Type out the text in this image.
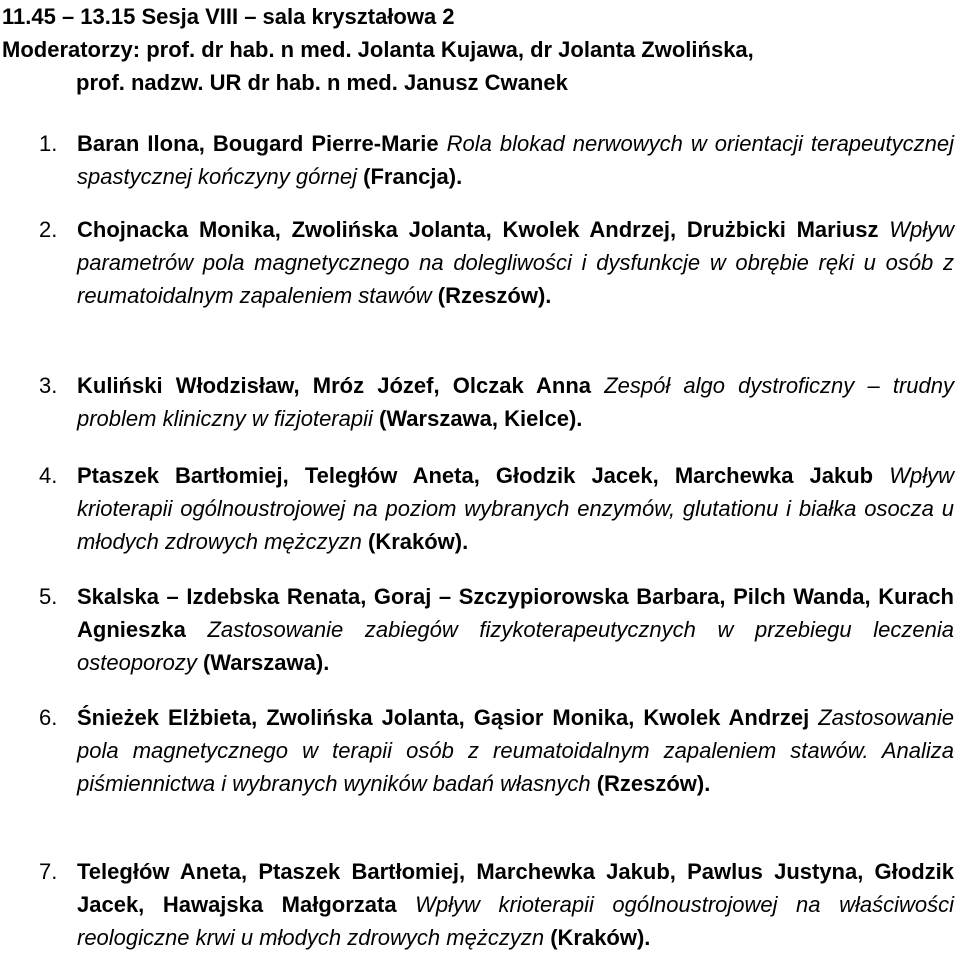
11.45 – 13.15 Sesja VIII – sala kryształowa 2
Moderatorzy: prof. dr hab. n med. Jolanta Kujawa, dr Jolanta Zwolińska,
prof. nadzw. UR dr hab. n med. Janusz Cwanek
1. Baran Ilona, Bougard Pierre-Marie Rola blokad nerwowych w orientacji terapeutycznej spastycznej kończyny górnej (Francja).
2. Chojnacka Monika, Zwolińska Jolanta, Kwolek Andrzej, Drużbicki Mariusz Wpływ parametrów pola magnetycznego na dolegliwości i dysfunkcje w obrębie ręki u osób z reumatoidalnym zapaleniem stawów (Rzeszów).
3. Kuliński Włodzisław, Mróz Józef, Olczak Anna Zespół algo dystroficzny – trudny problem kliniczny w fizjoterapii (Warszawa, Kielce).
4. Ptaszek Bartłomiej, Teległów Aneta, Głodzik Jacek, Marchewka Jakub Wpływ krioterapii ogólnoustrojowej na poziom wybranych enzymów, glutationu i białka osocza u młodych zdrowych mężczyzn (Kraków).
5. Skalska – Izdebska Renata, Goraj – Szczypiorowska Barbara, Pilch Wanda, Kurach Agnieszka Zastosowanie zabiegów fizykoterapeutycznych w przebiegu leczenia osteoporozy (Warszawa).
6. Śnieżek Elżbieta, Zwolińska Jolanta, Gąsior Monika, Kwolek Andrzej Zastosowanie pola magnetycznego w terapii osób z reumatoidalnym zapaleniem stawów. Analiza piśmiennictwa i wybranych wyników badań własnych (Rzeszów).
7. Teległów Aneta, Ptaszek Bartłomiej, Marchewka Jakub, Pawlus Justyna, Głodzik Jacek, Hawajska Małgorzata Wpływ krioterapii ogólnoustrojowej na właściwości reologiczne krwi u młodych zdrowych mężczyzn (Kraków).
